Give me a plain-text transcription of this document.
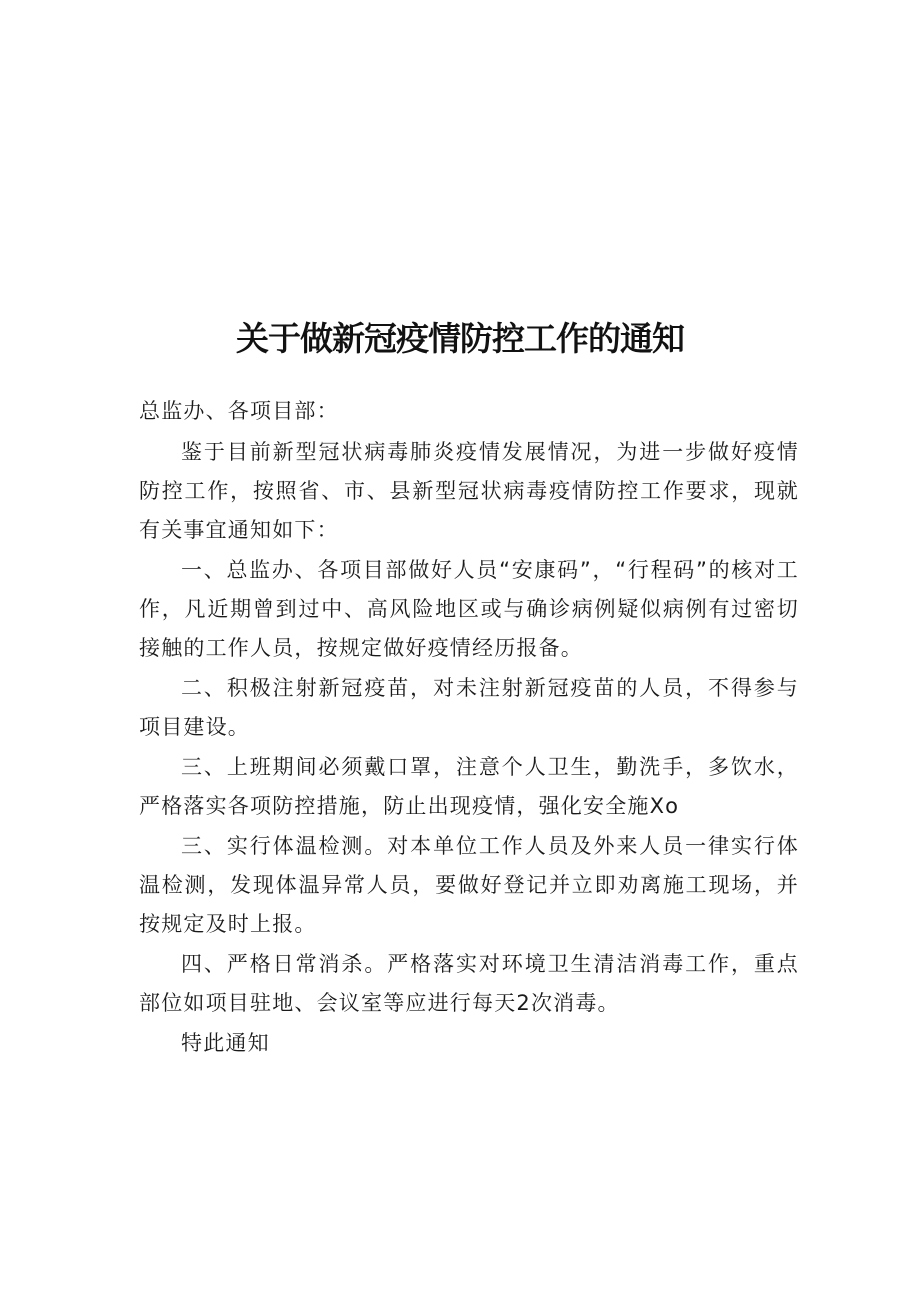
关于做新冠疫情防控工作的通知

总监办、各项目部：

鉴于目前新型冠状病毒肺炎疫情发展情况，为进一步做好疫情防控工作，按照省、市、县新型冠状病毒疫情防控工作要求，现就有关事宜通知如下：

一、总监办、各项目部做好人员“安康码”，“行程码”的核对工作，凡近期曾到过中、高风险地区或与确诊病例疑似病例有过密切接触的工作人员，按规定做好疫情经历报备。

二、积极注射新冠疫苗，对未注射新冠疫苗的人员，不得参与项目建设。

三、上班期间必须戴口罩，注意个人卫生，勤洗手，多饮水，严格落实各项防控措施，防止出现疫情，强化安全施Xo

三、实行体温检测。对本单位工作人员及外来人员一律实行体温检测，发现体温异常人员，要做好登记并立即劝离施工现场，并按规定及时上报。

四、严格日常消杀。严格落实对环境卫生清洁消毒工作，重点部位如项目驻地、会议室等应进行每天2次消毒。

特此通知
